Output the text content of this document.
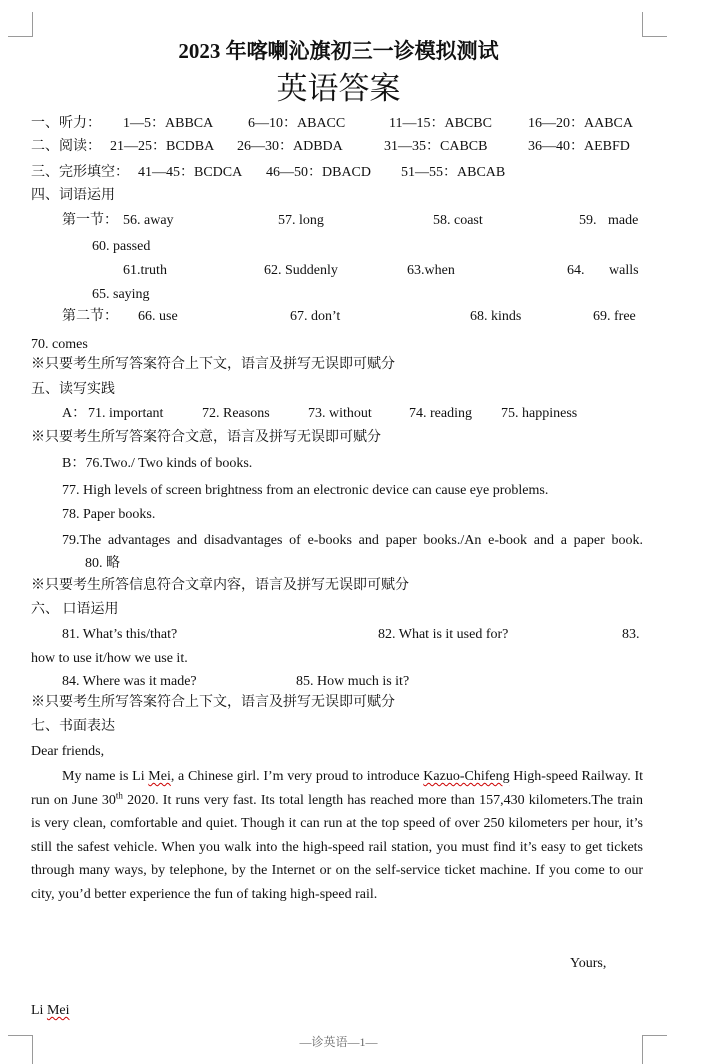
2023 年喀喇沁旗初三一诊模拟测试
英语答案
一、听力： 1—5：ABBCA 6—10：ABACC	11—15：ABCBC	16—20：AABCA
二、阅读： 21—25：BCDBA 26—30：ADBDA	31—35：CABCB	36—40：AEBFD
三、完形填空： 41—45：BCDCA 46—50：DBACD 51—55：ABCAB
四、词语运用
第一节： 56. away	57. long	58. coast	59. made
60. passed
61.truth	62. Suddenly	63.when	64. walls
65. saying
第二节： 66. use	67. don’t	68. kinds	69. free
70. comes
※只要考生所写答案符合上下文，语言及拼写无误即可赋分
五、读写实践
A： 71. important	72. Reasons	73. without	74. reading 75. happiness
※只要考生所写答案符合文意，语言及拼写无误即可赋分
B：76.Two./ Two kinds of books.
77. High levels of screen brightness from an electronic device can cause eye problems.
78. Paper books.
79.The advantages and disadvantages of e-books and paper books./An e-book and a paper book.80. 略
※只要考生所答信息符合文章内容，语言及拼写无误即可赋分
六、 口语运用
81. What’s this/that?	82. What is it used for?	83.
how to use it/how we use it.
84. Where was it made?	85. How much is it?
※只要考生所写答案符合上下文，语言及拼写无误即可赋分
七、书面表达
Dear friends,
My name is Li Mei, a Chinese girl. I’m very proud to introduce Kazuo-Chifeng High-speed Railway. It run on June 30th 2020. It runs very fast. Its total length has reached more than 157,430 kilometers.The train is very clean, comfortable and quiet. Though it can run at the top speed of over 250 kilometers per hour, it’s still the safest vehicle. When you walk into the high-speed rail station, you must find it’s easy to get tickets through many ways, by telephone, by the Internet or on the self-service ticket machine. If you come to our city, you’d better experience the fun of taking high-speed rail.
Yours,
Li Mei
—诊英语—1—
